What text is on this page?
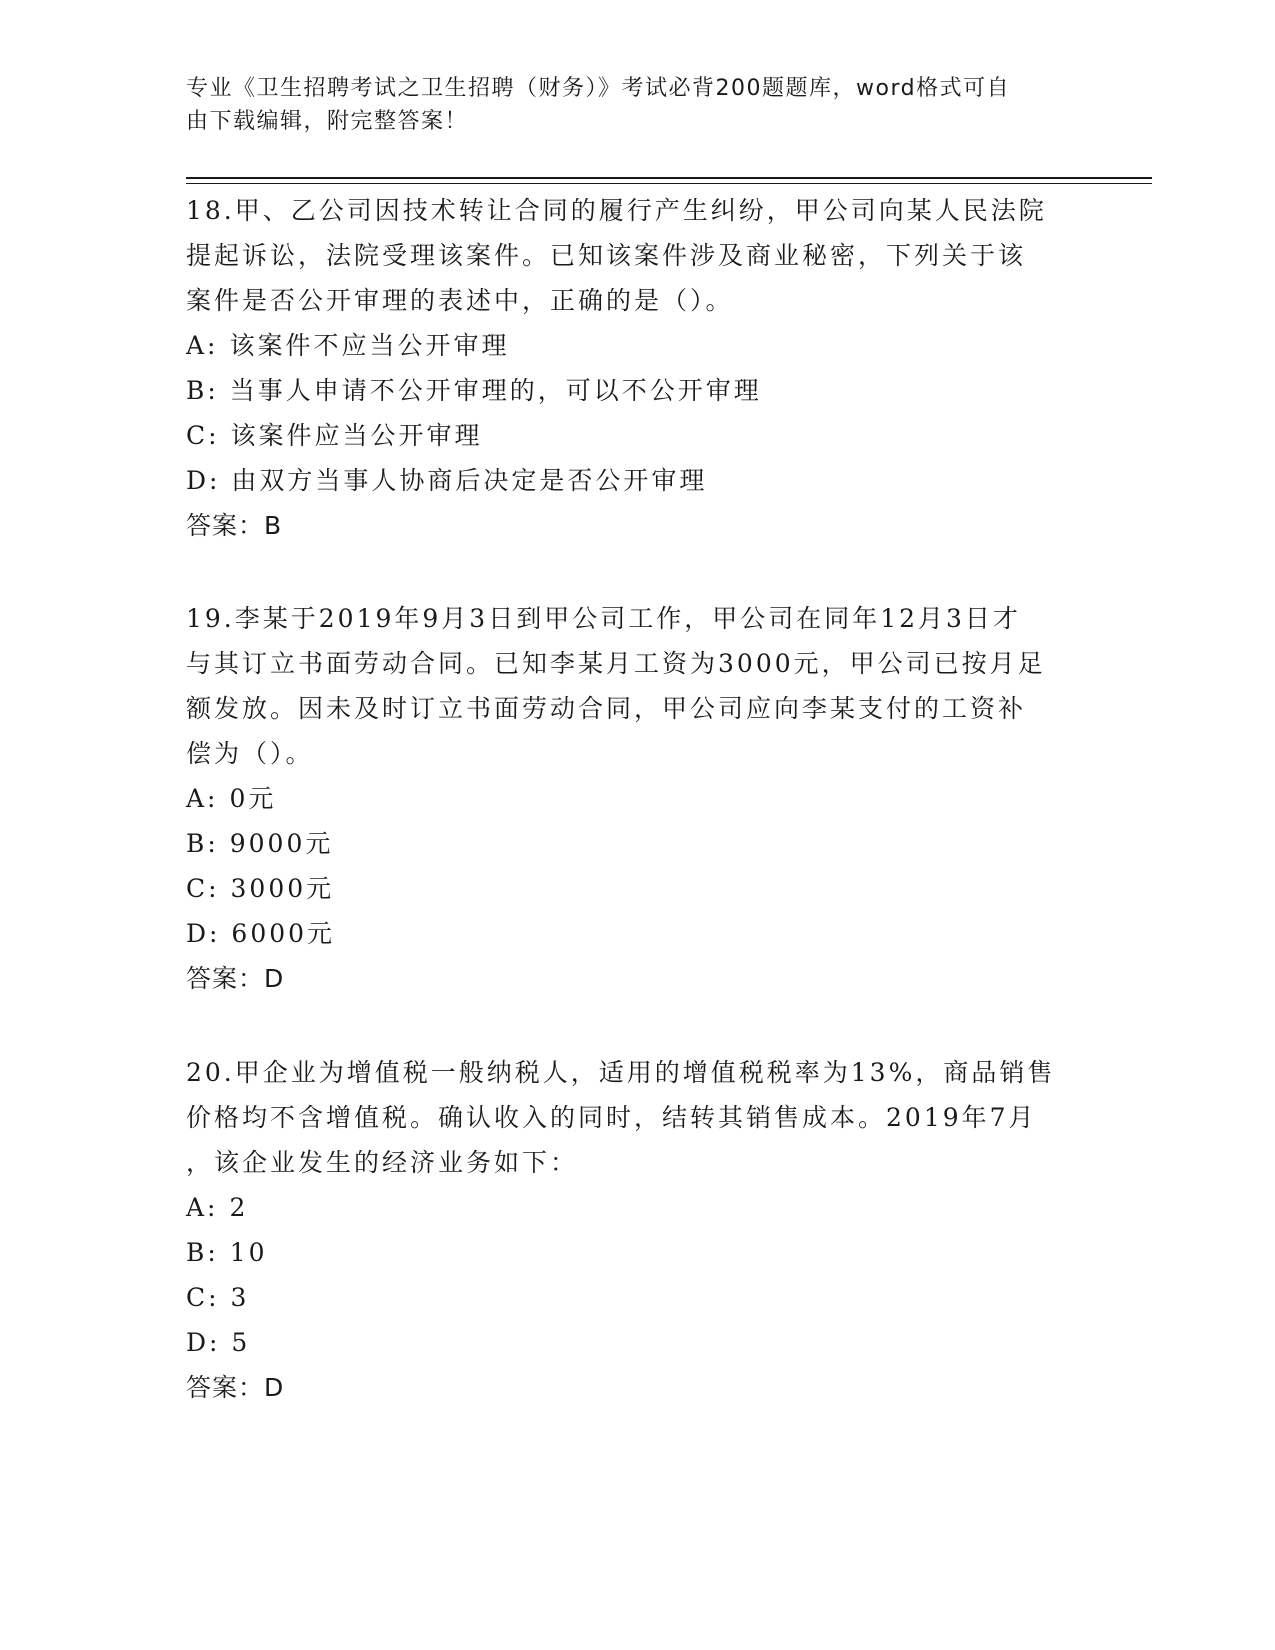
专业《卫生招聘考试之卫生招聘（财务）》考试必背200题题库，word格式可自
由下载编辑，附完整答案！

18.甲、乙公司因技术转让合同的履行产生纠纷，甲公司向某人民法院

提起诉讼，法院受理该案件。已知该案件涉及商业秘密，下列关于该

案件是否公开审理的表述中，正确的是（）。

A: 该案件不应当公开审理

B: 当事人申请不公开审理的，可以不公开审理

C: 该案件应当公开审理

D: 由双方当事人协商后决定是否公开审理

答案：B

19.李某于2019年9月3日到甲公司工作，甲公司在同年12月3日才

与其订立书面劳动合同。已知李某月工资为3000元，甲公司已按月足

额发放。因未及时订立书面劳动合同，甲公司应向李某支付的工资补

偿为（）。

A: 0元

B: 9000元

C: 3000元

D: 6000元

答案：D

20.甲企业为增值税一般纳税人，适用的增值税税率为13%，商品销售

价格均不含增值税。确认收入的同时，结转其销售成本。2019年7月

，该企业发生的经济业务如下：

A: 2

B: 10

C: 3

D: 5

答案：D
